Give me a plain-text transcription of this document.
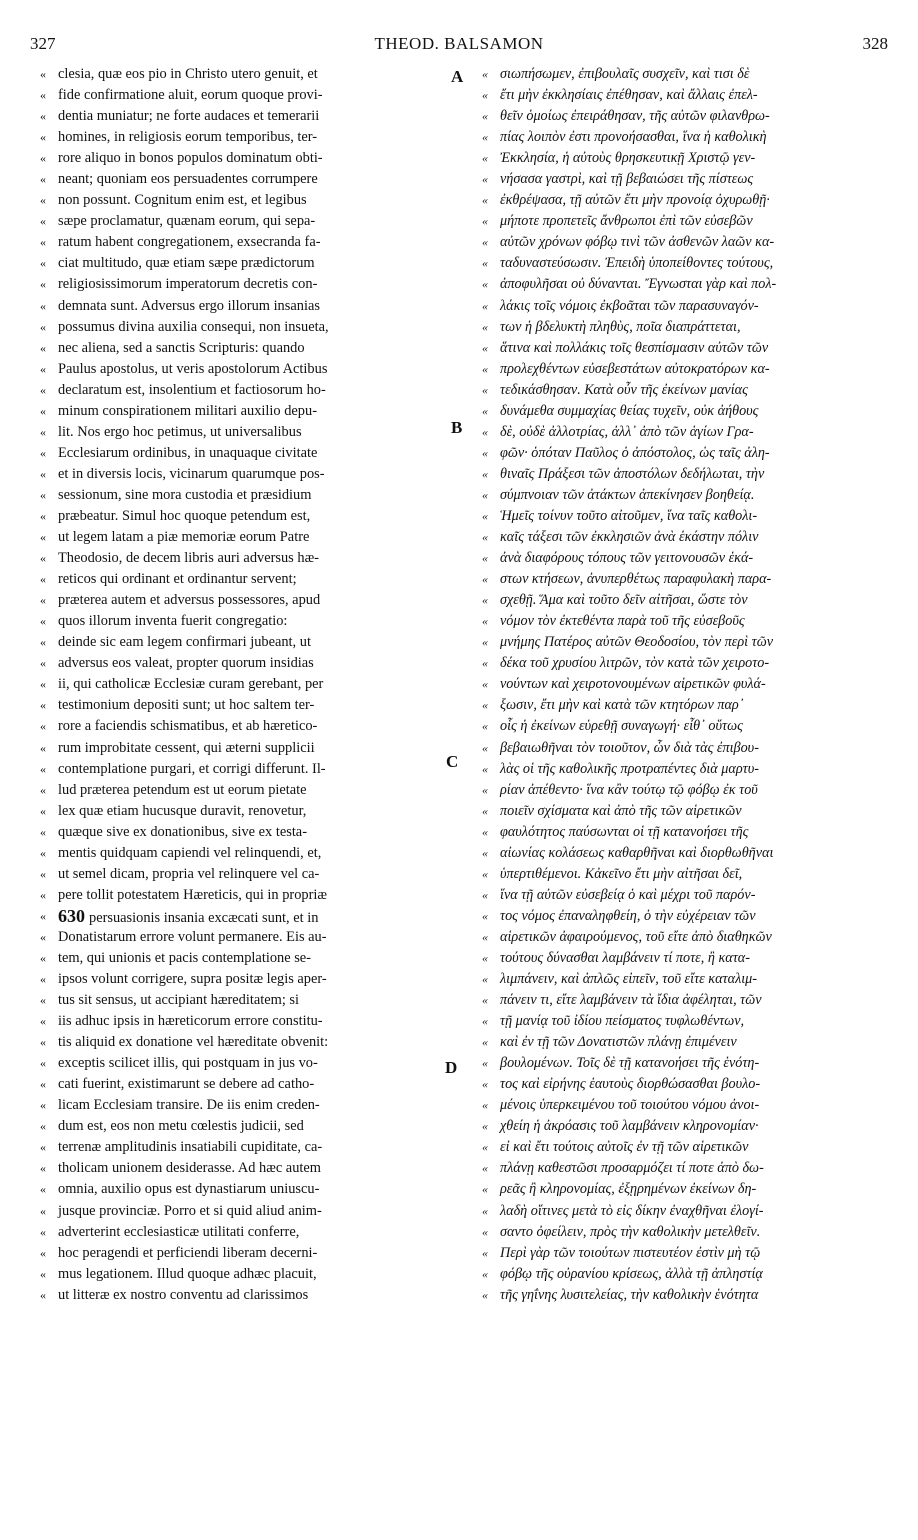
327	THEOD. BALSAMON	328
« clesia, quæ eos pio in Christo utero genuit, et
« fide confirmatione aluit, eorum quoque provi-
« dentia muniatur; ne forte audaces et temerarii
« homines, in religiosis eorum temporibus, ter-
« rore aliquo in bonos populos dominatum obti-
« neant; quoniam eos persuadentes corrumpere
« non possunt. Cognitum enim est, et legibus
« sæpe proclamatur, quænam eorum, qui sepa-
« ratum habent congregationem, exsecranda fa-
« ciat multitudo, quæ etiam sæpe prædictorum
« religiosissimorum imperatorum decretis con-
« demnata sunt. Adversus ergo illorum insanias
« possumus divina auxilia consequi, non insueta,
« nec aliena, sed a sanctis Scripturis: quando
« Paulus apostolus, ut veris apostolorum Actibus
« declaratum est, insolentium et factiosorum ho-
« minum conspirationem militari auxilio depu-
« lit. Nos ergo hoc petimus, ut universalibus
« Ecclesiarum ordinibus, in unaquaque civitate
« et in diversis locis, vicinarum quarumque pos-
« sessionum, sine mora custodia et præsidium
« præbeatur. Simul hoc quoque petendum est,
« ut legem latam a piæ memoriæ eorum Patre
« Theodosio, de decem libris auri adversus hæ-
« reticos qui ordinant et ordinantur servent;
« præterea autem et adversus possessores, apud
« quos illorum inventa fuerit congregatio:
« deinde sic eam legem confirmari jubeant, ut
« adversus eos valeat, propter quorum insidias
« ii, qui catholicæ Ecclesiæ curam gerebant, per
« testimonium depositi sunt; ut hoc saltem ter-
« rore a faciendis schismatibus, et ab hæretico-
« rum improbitate cessent, qui æterni supplicii
« contemplatione purgari, et corrigi differunt. Il-
« lud præterea petendum est ut eorum pietate
« lex quæ etiam hucusque duravit, renovetur,
« quæque sive ex donationibus, sive ex testa-
« mentis quidquam capiendi vel relinquendi, et,
« ut semel dicam, propria vel relinquere vel ca-
« pere tollit potestatem Hæreticis, qui in propriæ
« 630 persuasionis insania excæcati sunt, et in
« Donatistarum errore volunt permanere. Eis au-
« tem, qui unionis et pacis contemplatione se-
« ipsos volunt corrigere, supra positæ legis aper-
« tus sit sensus, ut accipiant hæreditatem; si
« iis adhuc ipsis in hæreticorum errore constitu-
« tis aliquid ex donatione vel hæreditate obvenit:
« exceptis scilicet illis, qui postquam in jus vo-
« cati fuerint, existimarunt se debere ad catho-
« licam Ecclesiam transire. De iis enim creden-
« dum est, eos non metu cœlestis judicii, sed
« terrenæ amplitudinis insatiabili cupiditate, ca-
« tholicam unionem desiderasse. Ad hæc autem
« omnia, auxilio opus est dynastiarum uniuscu-
« jusque provinciæ. Porro et si quid aliud anim-
« adverterint ecclesiasticæ utilitati conferre,
« hoc peragendi et perficiendi liberam decerni-
« mus legationem. Illud quoque adhæc placuit,
« ut litteræ ex nostro conventu ad clarissimos
« σιωπήσωμεν, ἐπιβουλαῖς συσχεῖν, καὶ τισι δὲ
« ἔτι μὴν ἐκκλησίαις ἐπέθησαν, καὶ ἄλλαις ἐπελ-
« θεῖν ὁμοίως ἐπειράθησαν, τῆς αὐτῶν φιλανθρω-
« πίας λοιπὸν ἐστι προνοήσασθαι, ἵνα ἡ καθολικὴ
« Ἐκκλησία, ἡ αὐτοὺς θρησκευτικῇ Χριστῷ γεν-
« νήσασα γαστρὶ, καὶ τῇ βεβαιώσει τῆς πίστεως
« ἐκθρέψασα, τῇ αὐτῶν ἔτι μὴν προνοίᾳ ὀχυρωθῇ·
« μήποτε προπετεῖς ἄνθρωποι ἐπὶ τῶν εὐσεβῶν
« αὐτῶν χρόνων φόβῳ τινὶ τῶν ἀσθενῶν λαῶν κα-
« ταδυναστεύσωσιν. Ἐπειδὴ ὑποπείθοντες τούτους,
« ἀποφυλῆσαι οὐ δύνανται. Ἔγνωσται γὰρ καὶ πολ-
« λάκις τοῖς νόμοις ἐκβοᾶται τῶν παρασυναγόν-
« των ἡ βδελυκτὴ πληθὺς, ποῖα διαπράττεται,
« ἅτινα καὶ πολλάκις τοῖς θεσπίσμασιν αὐτῶν τῶν
« προλεχθέντων εὐσεβεστάτων αὐτοκρατόρων κα-
« τεδικάσθησαν. Κατὰ οὖν τῆς ἐκείνων μανίας
« δυνάμεθα συμμαχίας θείας τυχεῖν, οὐκ ἀήθους
« δὲ, οὐδὲ ἀλλοτρίας, ἀλλ᾽ ἀπὸ τῶν ἁγίων Γρα-
« φῶν· ὁπόταν Παῦλος ὁ ἀπόστολος, ὡς ταῖς ἀλη-
« θιναῖς Πράξεσι τῶν ἀποστόλων δεδήλωται, τὴν
« σύμπνοιαν τῶν ἀτάκτων ἀπεκίνησεν βοηθείᾳ.
« Ἡμεῖς τοίνυν τοῦτο αἰτοῦμεν, ἵνα ταῖς καθολι-
« καῖς τάξεσι τῶν ἐκκλησιῶν ἀνὰ ἑκάστην πόλιν
« ἀνὰ διαφόρους τόπους τῶν γειτονουσῶν ἑκά-
« στων κτήσεων, ἀνυπερθέτως παραφυλακὴ παρα-
« σχεθῇ. Ἅμα καὶ τοῦτο δεῖν αἰτῆσαι, ὥστε τὸν
« νόμον τὸν ἐκτεθέντα παρὰ τοῦ τῆς εὐσεβοῦς
« μνήμης Πατέρος αὐτῶν Θεοδοσίου, τὸν περὶ τῶν
« δέκα τοῦ χρυσίου λιτρῶν, τὸν κατὰ τῶν χειροτο-
« νούντων καὶ χειροτονουμένων αἱρετικῶν φυλά-
« ξωσιν, ἔτι μὴν καὶ κατὰ τῶν κτητόρων παρ᾽
« οἷς ἡ ἐκείνων εὑρεθῇ συναγωγή· εἶθ᾽ οὕτως
« βεβαιωθῆναι τὸν τοιοῦτον, ὧν διὰ τὰς ἐπιβου-
« λὰς οἱ τῆς καθολικῆς προτραπέντες διὰ μαρτυ-
« ρίαν ἀπέθεντο· ἵνα κἂν τούτῳ τῷ φόβῳ ἐκ τοῦ
« ποιεῖν σχίσματα καὶ ἀπὸ τῆς τῶν αἱρετικῶν
« φαυλότητος παύσωνται οἱ τῇ κατανοήσει τῆς
« αἰωνίας κολάσεως καθαρθῆναι καὶ διορθωθῆναι
« ὑπερτιθέμενοι. Κἀκεῖνο ἔτι μὴν αἰτῆσαι δεῖ,
« ἵνα τῇ αὐτῶν εὐσεβείᾳ ὁ καὶ μέχρι τοῦ παρόν-
« τος νόμος ἐπαναληφθείη, ὁ τὴν εὐχέρειαν τῶν
« αἱρετικῶν ἀφαιρούμενος, τοῦ εἴτε ἀπὸ διαθηκῶν
« τούτους δύνασθαι λαμβάνειν τί ποτε, ἢ κατα-
« λιμπάνειν, καὶ ἁπλῶς εἰπεῖν, τοῦ εἴτε καταλιμ-
« πάνειν τι, εἴτε λαμβάνειν τὰ ἴδια ἀφέληται, τῶν
« τῇ μανίᾳ τοῦ ἰδίου πείσματος τυφλωθέντων,
« καὶ ἐν τῇ τῶν Δονατιστῶν πλάνῃ ἐπιμένειν
« βουλομένων. Τοῖς δὲ τῇ κατανοήσει τῆς ἑνότη-
« τος καὶ εἰρήνης ἑαυτοὺς διορθώσασθαι βουλο-
« μένοις ὑπερκειμένου τοῦ τοιούτου νόμου ἀνοι-
« χθείη ἡ ἀκρόασις τοῦ λαμβάνειν κληρονομίαν·
« εἰ καὶ ἔτι τούτοις αὐτοῖς ἐν τῇ τῶν αἱρετικῶν
« πλάνῃ καθεστῶσι προσαρμόζει τί ποτε ἀπὸ δω-
« ρεᾶς ἢ κληρονομίας, ἐξῃρημένων ἐκείνων δη-
« λαδὴ οἵτινες μετὰ τὸ εἰς δίκην ἐναχθῆναι ἐλογί-
« σαντο ὀφείλειν, πρὸς τὴν καθολικὴν μετελθεῖν.
« Περὶ γὰρ τῶν τοιούτων πιστευτέον ἐστὶν μὴ τῷ
« φόβῳ τῆς οὐρανίου κρίσεως, ἀλλὰ τῇ ἀπληστίᾳ
« τῆς γηΐνης λυσιτελείας, τὴν καθολικὴν ἑνότητα
A
B
C
D
